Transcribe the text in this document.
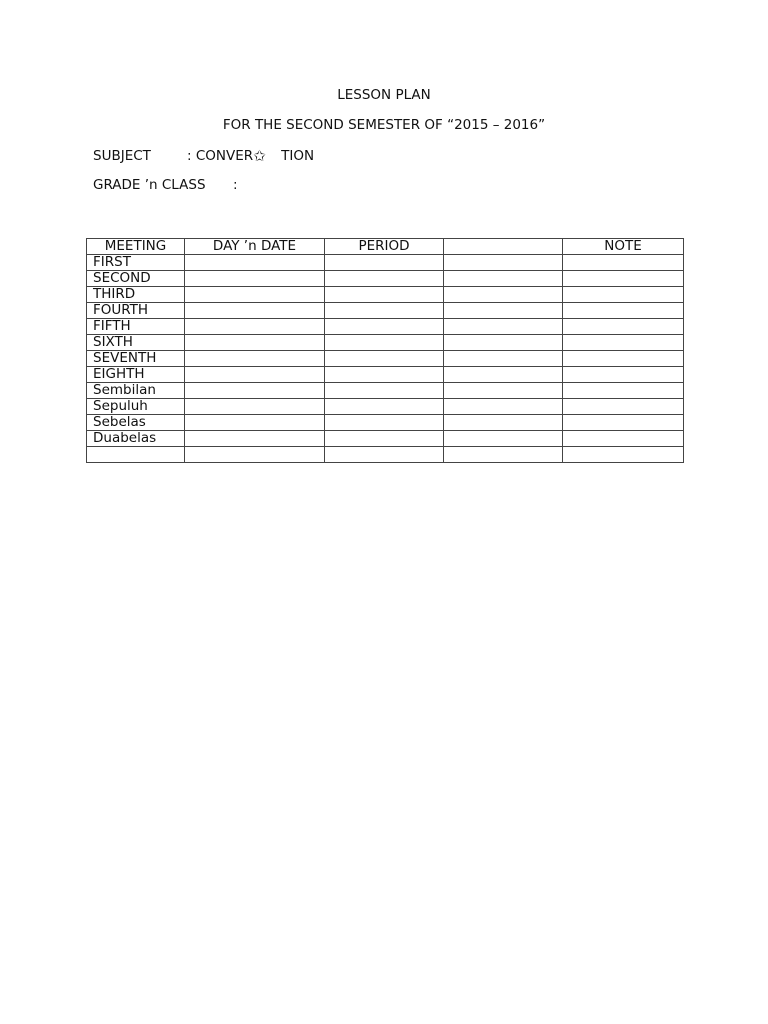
LESSON PLAN
FOR THE SECOND SEMESTER OF “2015 – 2016”
SUBJECT	: CONVER✩ TION
GRADE ’n CLASS :
MEETING	DAY ’n DATE	PERIOD		NOTE
FIRST				
SECOND				
THIRD				
FOURTH				
FIFTH				
SIXTH				
SEVENTH				
EIGHTH				
Sembilan				
Sepuluh				
Sebelas				
Duabelas				
